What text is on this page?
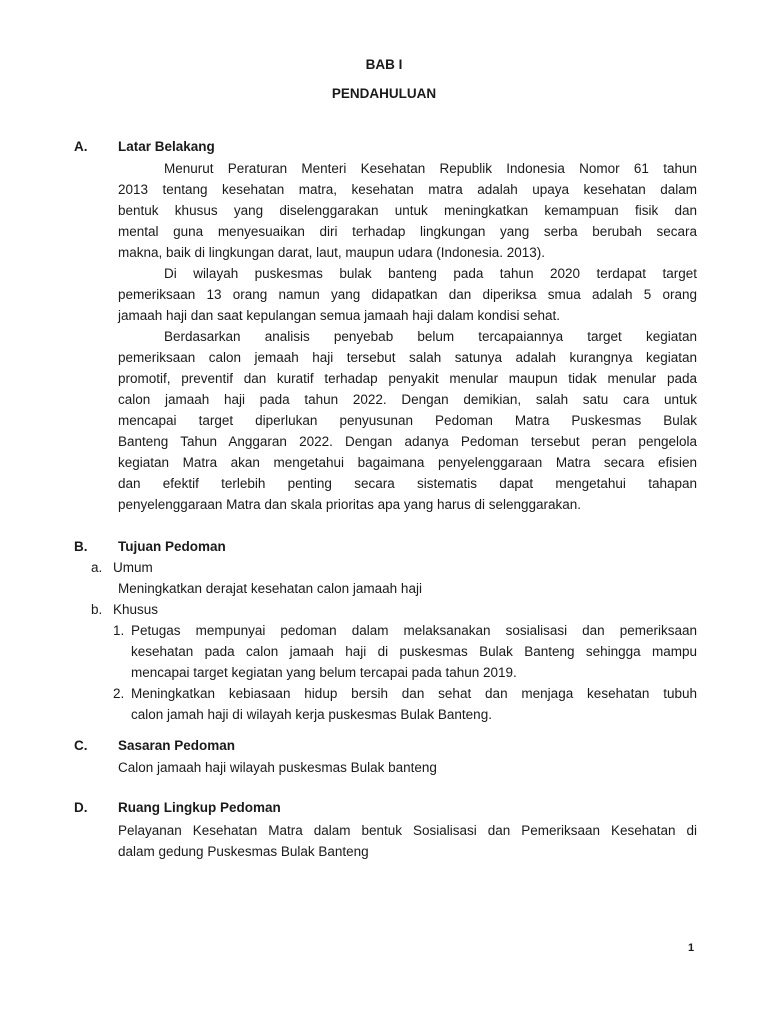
BAB I
PENDAHULUAN
A. Latar Belakang
Menurut Peraturan Menteri Kesehatan Republik Indonesia Nomor 61 tahun
2013 tentang kesehatan matra, kesehatan matra adalah upaya kesehatan dalam
bentuk khusus yang diselenggarakan untuk meningkatkan kemampuan fisik dan
mental guna menyesuaikan diri terhadap lingkungan yang serba berubah secara
makna, baik di lingkungan darat, laut, maupun udara (Indonesia. 2013).
Di wilayah puskesmas bulak banteng pada tahun 2020 terdapat target
pemeriksaan 13 orang namun yang didapatkan dan diperiksa smua adalah 5 orang
jamaah haji dan saat kepulangan semua jamaah haji dalam kondisi sehat.
Berdasarkan analisis penyebab belum tercapaiannya target kegiatan
pemeriksaan calon jemaah haji tersebut salah satunya adalah kurangnya kegiatan
promotif, preventif dan kuratif terhadap penyakit menular maupun tidak menular pada
calon jamaah haji pada tahun 2022. Dengan demikian, salah satu cara untuk
mencapai target diperlukan penyusunan Pedoman Matra Puskesmas Bulak
Banteng Tahun Anggaran 2022. Dengan adanya Pedoman tersebut peran pengelola
kegiatan Matra akan mengetahui bagaimana penyelenggaraan Matra secara efisien
dan efektif terlebih penting secara sistematis dapat mengetahui tahapan
penyelenggaraan Matra dan skala prioritas apa yang harus di selenggarakan.
B. Tujuan Pedoman
a. Umum
Meningkatkan derajat kesehatan calon jamaah haji
b. Khusus
1. Petugas mempunyai pedoman dalam melaksanakan sosialisasi dan pemeriksaan
kesehatan pada calon jamaah haji di puskesmas Bulak Banteng sehingga mampu
mencapai target kegiatan yang belum tercapai pada tahun 2019.
2. Meningkatkan kebiasaan hidup bersih dan sehat dan menjaga kesehatan tubuh
calon jamah haji di wilayah kerja puskesmas Bulak Banteng.
C. Sasaran Pedoman
Calon jamaah haji wilayah puskesmas Bulak banteng
D. Ruang Lingkup Pedoman
Pelayanan Kesehatan Matra dalam bentuk Sosialisasi dan Pemeriksaan Kesehatan di
dalam gedung Puskesmas Bulak Banteng
1
